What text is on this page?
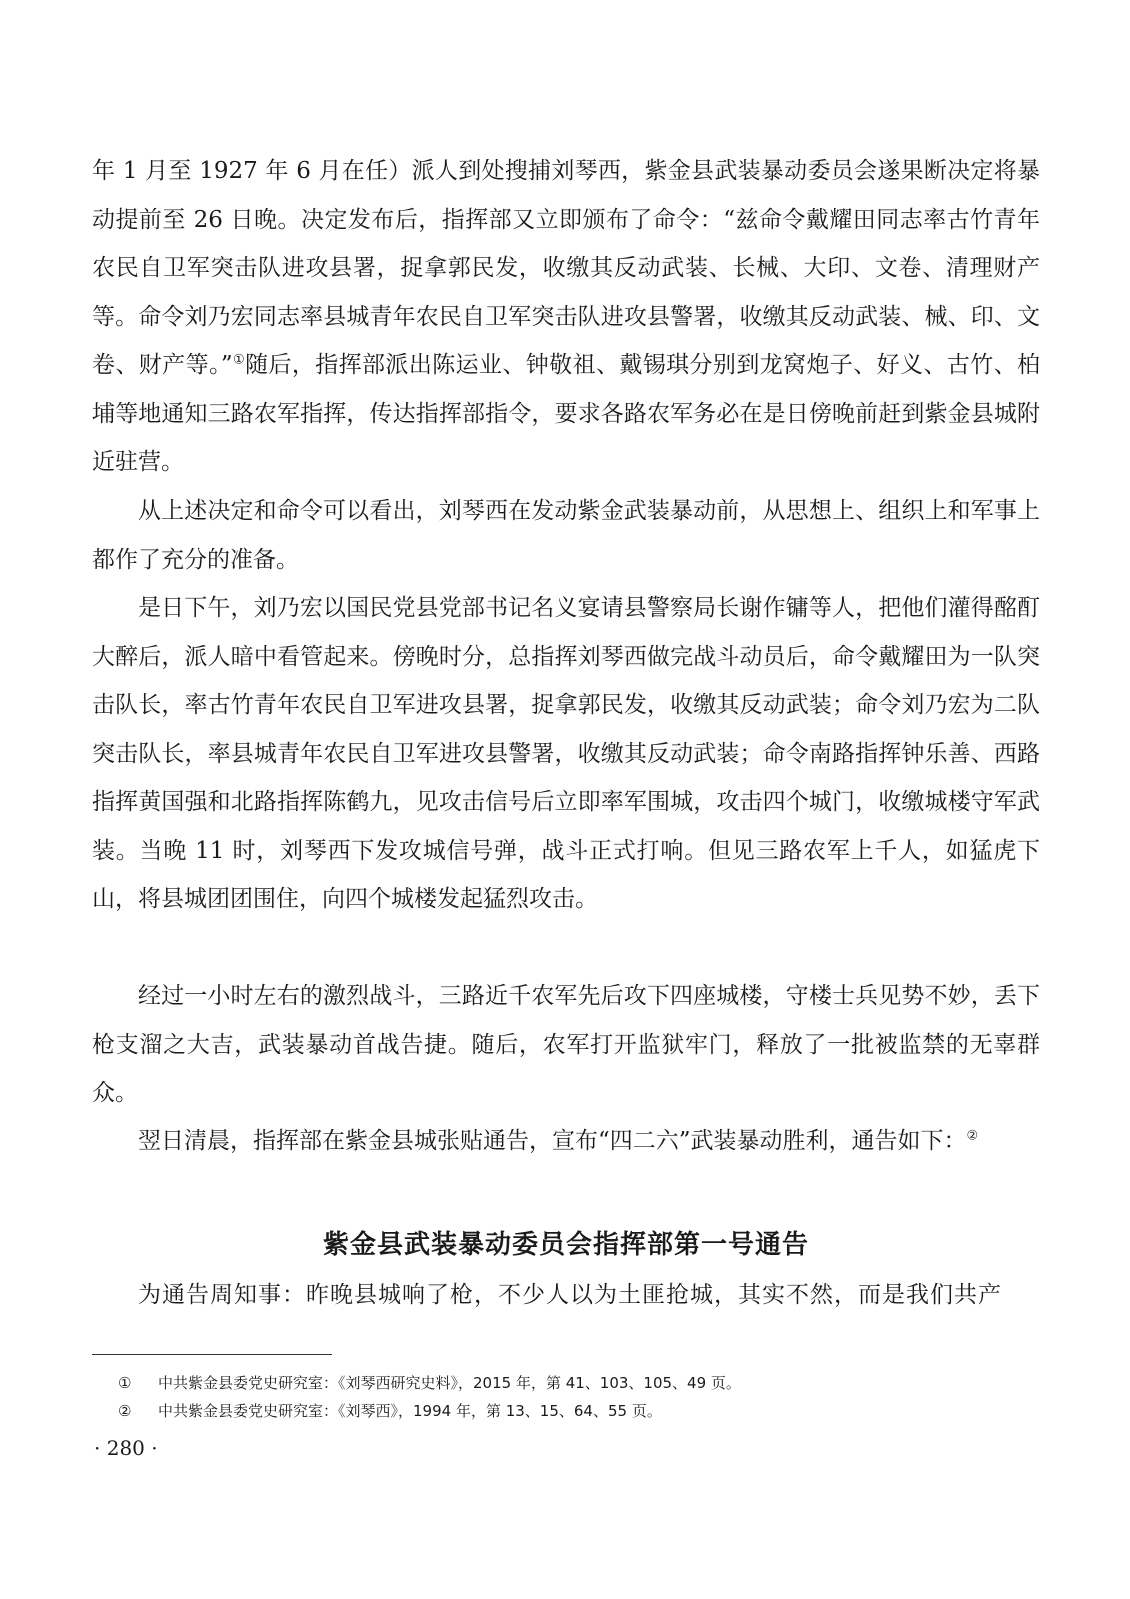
年 1 月至 1927 年 6 月在任）派人到处搜捕刘琴西，紫金县武装暴动委员会遂果断决定将暴动提前至 26 日晚。决定发布后，指挥部又立即颁布了命令：“兹命令戴耀田同志率古竹青年农民自卫军突击队进攻县署，捉拿郭民发，收缴其反动武装、长械、大印、文卷、清理财产等。命令刘乃宏同志率县城青年农民自卫军突击队进攻县警署，收缴其反动武装、械、印、文卷、财产等。”①随后，指挥部派出陈运业、钟敬祖、戴锡琪分别到龙窝炮子、好义、古竹、柏埔等地通知三路农军指挥，传达指挥部指令，要求各路农军务必在是日傍晚前赶到紫金县城附近驻营。

从上述决定和命令可以看出，刘琴西在发动紫金武装暴动前，从思想上、组织上和军事上都作了充分的准备。

是日下午，刘乃宏以国民党县党部书记名义宴请县警察局长谢作镛等人，把他们灌得酩酊大醉后，派人暗中看管起来。傍晚时分，总指挥刘琴西做完战斗动员后，命令戴耀田为一队突击队长，率古竹青年农民自卫军进攻县署，捉拿郭民发，收缴其反动武装；命令刘乃宏为二队突击队长，率县城青年农民自卫军进攻县警署，收缴其反动武装；命令南路指挥钟乐善、西路指挥黄国强和北路指挥陈鹤九，见攻击信号后立即率军围城，攻击四个城门，收缴城楼守军武装。当晚 11 时，刘琴西下发攻城信号弹，战斗正式打响。但见三路农军上千人，如猛虎下山，将县城团团围住，向四个城楼发起猛烈攻击。

经过一小时左右的激烈战斗，三路近千农军先后攻下四座城楼，守楼士兵见势不妙，丢下枪支溜之大吉，武装暴动首战告捷。随后，农军打开监狱牢门，释放了一批被监禁的无辜群众。

翌日清晨，指挥部在紫金县城张贴通告，宣布“四二六”武装暴动胜利，通告如下：②

紫金县武装暴动委员会指挥部第一号通告

为通告周知事：昨晚县城响了枪，不少人以为土匪抢城，其实不然，而是我们共产

① 中共紫金县委党史研究室：《刘琴西研究史料》，2015 年，第 41、103、105、49 页。
② 中共紫金县委党史研究室：《刘琴西》，1994 年，第 13、15、64、55 页。
· 280 ·
